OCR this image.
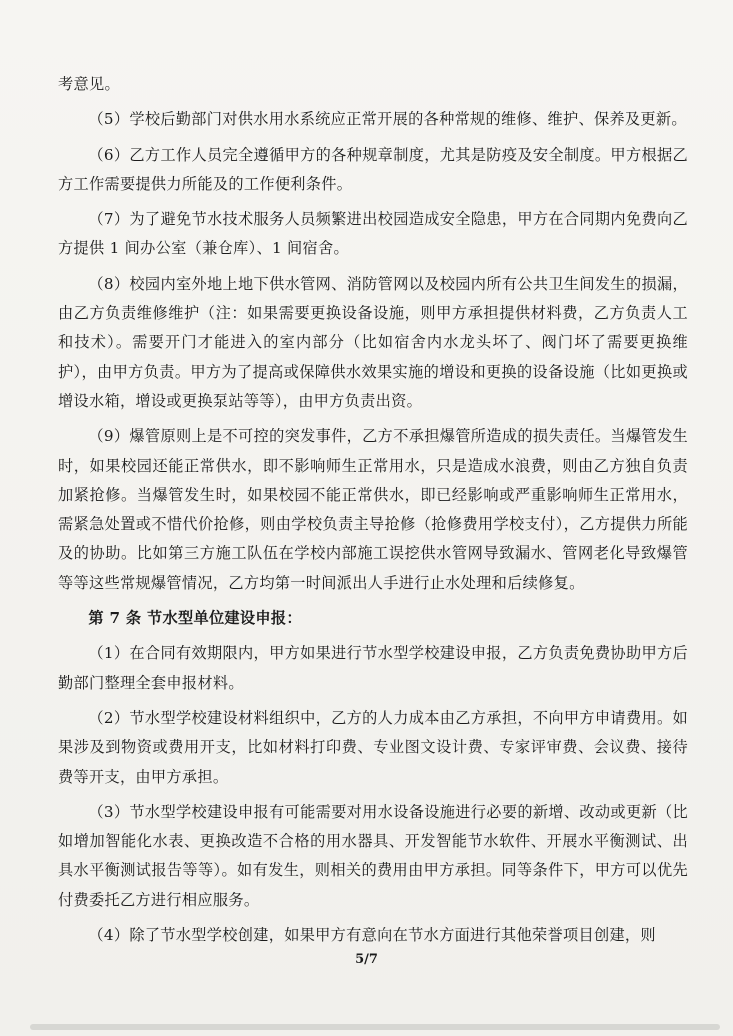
考意见。

（5）学校后勤部门对供水用水系统应正常开展的各种常规的维修、维护、保养及更新。

（6）乙方工作人员完全遵循甲方的各种规章制度，尤其是防疫及安全制度。甲方根据乙方工作需要提供力所能及的工作便利条件。

（7）为了避免节水技术服务人员频繁进出校园造成安全隐患，甲方在合同期内免费向乙方提供 1 间办公室（兼仓库）、1 间宿舍。

（8）校园内室外地上地下供水管网、消防管网以及校园内所有公共卫生间发生的损漏，由乙方负责维修维护（注：如果需要更换设备设施，则甲方承担提供材料费，乙方负责人工和技术）。需要开门才能进入的室内部分（比如宿舍内水龙头坏了、阀门坏了需要更换维护），由甲方负责。甲方为了提高或保障供水效果实施的增设和更换的设备设施（比如更换或增设水箱，增设或更换泵站等等），由甲方负责出资。

（9）爆管原则上是不可控的突发事件，乙方不承担爆管所造成的损失责任。当爆管发生时，如果校园还能正常供水，即不影响师生正常用水，只是造成水浪费，则由乙方独自负责加紧抢修。当爆管发生时，如果校园不能正常供水，即已经影响或严重影响师生正常用水，需紧急处置或不惜代价抢修，则由学校负责主导抢修（抢修费用学校支付），乙方提供力所能及的协助。比如第三方施工队伍在学校内部施工误挖供水管网导致漏水、管网老化导致爆管等等这些常规爆管情况，乙方均第一时间派出人手进行止水处理和后续修复。

第 7 条 节水型单位建设申报：

（1）在合同有效期限内，甲方如果进行节水型学校建设申报，乙方负责免费协助甲方后勤部门整理全套申报材料。

（2）节水型学校建设材料组织中，乙方的人力成本由乙方承担，不向甲方申请费用。如果涉及到物资或费用开支，比如材料打印费、专业图文设计费、专家评审费、会议费、接待费等开支，由甲方承担。

（3）节水型学校建设申报有可能需要对用水设备设施进行必要的新增、改动或更新（比如增加智能化水表、更换改造不合格的用水器具、开发智能节水软件、开展水平衡测试、出具水平衡测试报告等等）。如有发生，则相关的费用由甲方承担。同等条件下，甲方可以优先付费委托乙方进行相应服务。

（4）除了节水型学校创建，如果甲方有意向在节水方面进行其他荣誉项目创建，则

5/7
